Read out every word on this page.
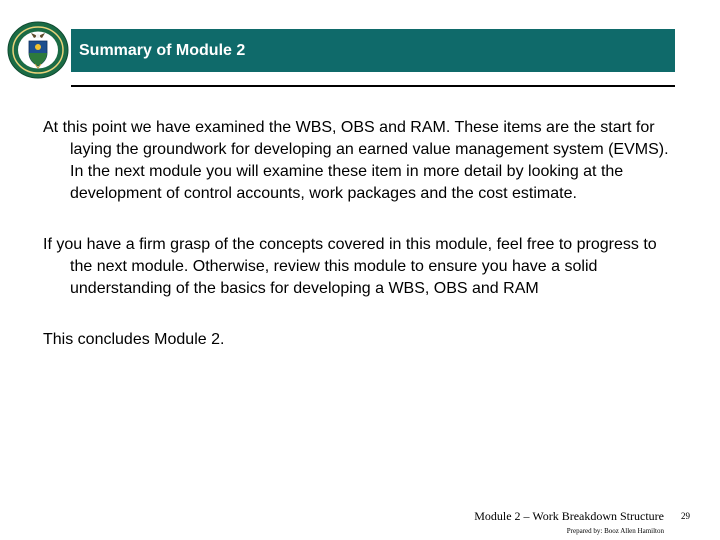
Summary of Module 2

At this point we have examined the WBS, OBS and RAM. These items are the start for laying the groundwork for developing an earned value management system (EVMS). In the next module you will examine these item in more detail by looking at the development of control accounts, work packages and the cost estimate.

If you have a firm grasp of the concepts covered in this module, feel free to progress to the next module. Otherwise, review this module to ensure you have a solid understanding of the basics for developing a WBS, OBS and RAM

This concludes Module 2.

Module 2 – Work Breakdown Structure
Prepared by: Booz Allen Hamilton
29
